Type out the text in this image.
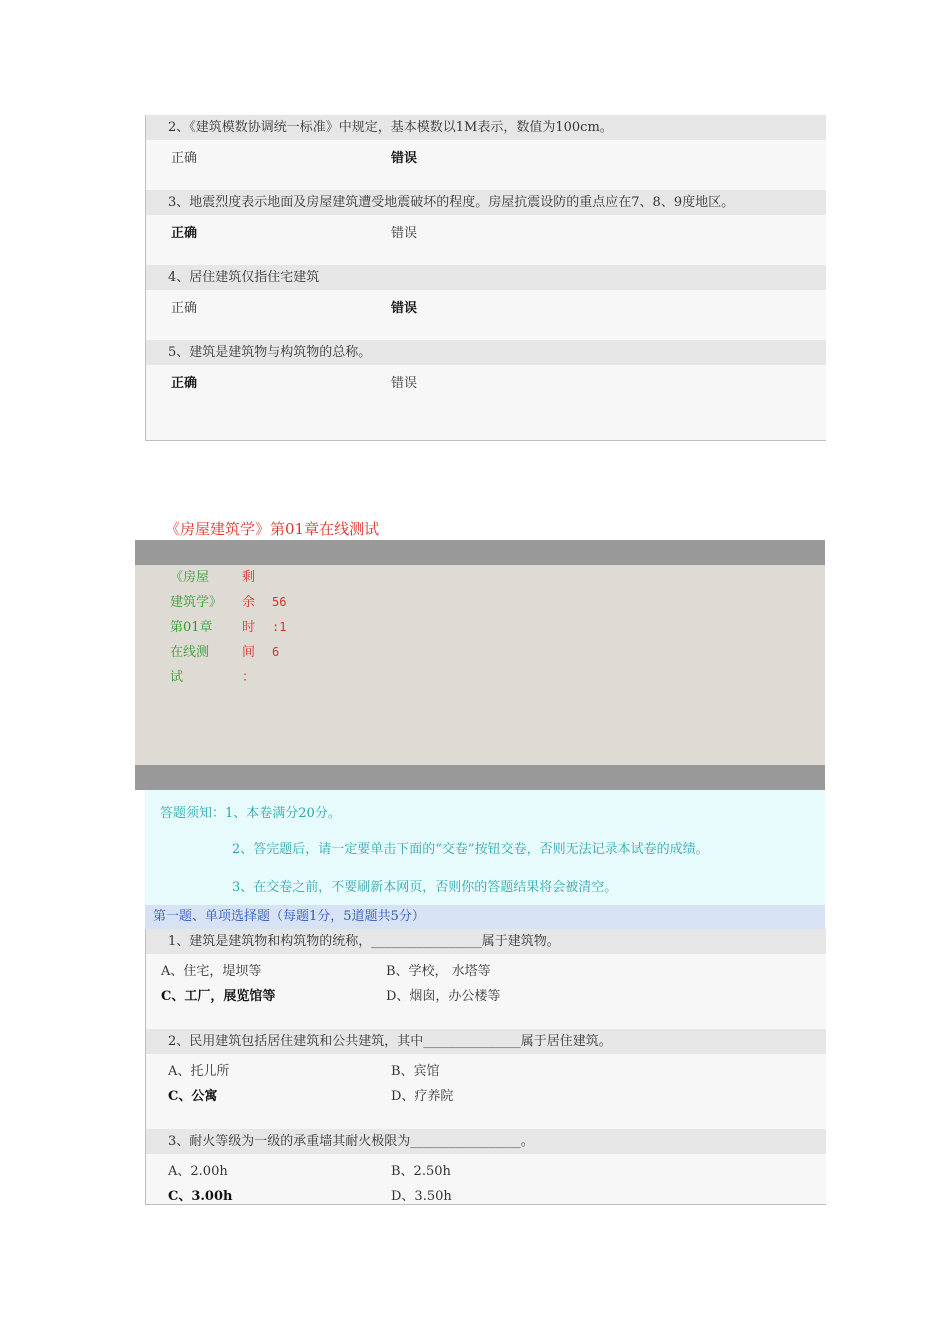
2、《建筑模数协调统一标准》中规定，基本模数以1M表示，数值为100cm。
正确	错误
3、地震烈度表示地面及房屋建筑遭受地震破坏的程度。房屋抗震设防的重点应在7、8、9度地区。
正确	错误
4、居住建筑仅指住宅建筑
正确	错误
5、建筑是建筑物与构筑物的总称。
正确	错误
《房屋建筑学》第01章在线测试
《房屋
建筑学》
第01章
在线测
试
剩
余
时
间
：
56
:1
6
答题须知：1、本卷满分20分。
2、答完题后，请一定要单击下面的“交卷”按钮交卷，否则无法记录本试卷的成绩。
3、在交卷之前，不要刷新本网页，否则你的答题结果将会被清空。
第一题、单项选择题（每题1分，5道题共5分）
1、建筑是建筑物和构筑物的统称，_________________属于建筑物。
A、住宅，堤坝等	B、学校， 水塔等
C、工厂，展览馆等	D、烟囱，办公楼等
2、民用建筑包括居住建筑和公共建筑，其中_______________属于居住建筑。
A、托儿所	B、宾馆
C、公寓	D、疗养院
3、耐火等级为一级的承重墙其耐火极限为_________________。
A、2.00h	B、2.50h
C、3.00h	D、3.50h
